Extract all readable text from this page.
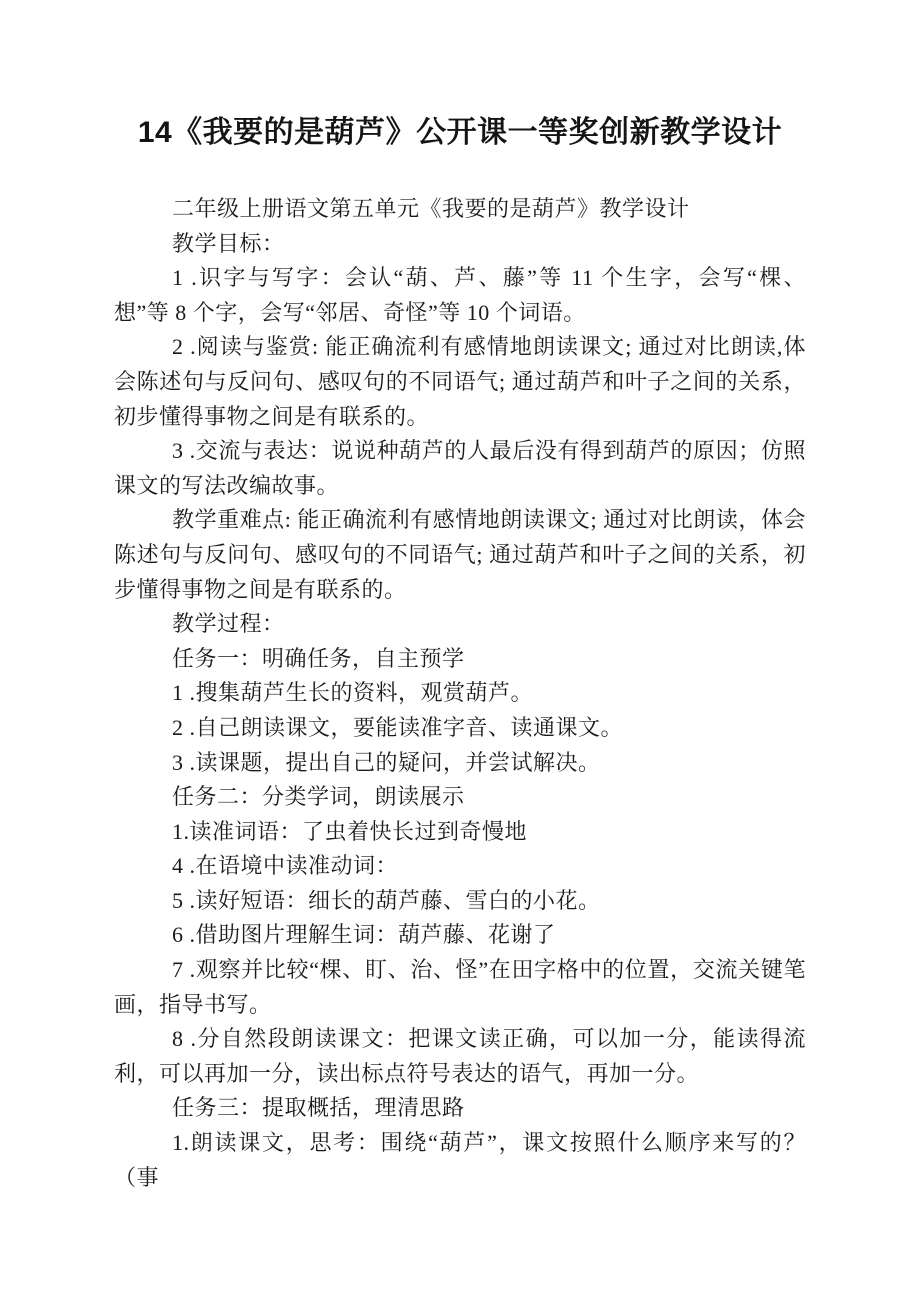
14《我要的是葫芦》公开课一等奖创新教学设计

二年级上册语文第五单元《我要的是葫芦》教学设计

教学目标：

1 .识字与写字：会认“葫、芦、藤”等 11 个生字，会写“棵、想”等 8 个字，会写“邻居、奇怪”等 10 个词语。

2 .阅读与鉴赏: 能正确流利有感情地朗读课文; 通过对比朗读,体会陈述句与反问句、感叹句的不同语气; 通过葫芦和叶子之间的关系，初步懂得事物之间是有联系的。

3 .交流与表达：说说种葫芦的人最后没有得到葫芦的原因；仿照课文的写法改编故事。

教学重难点: 能正确流利有感情地朗读课文; 通过对比朗读，体会陈述句与反问句、感叹句的不同语气; 通过葫芦和叶子之间的关系，初步懂得事物之间是有联系的。

教学过程：

任务一：明确任务，自主预学

1 .搜集葫芦生长的资料，观赏葫芦。

2 .自己朗读课文，要能读准字音、读通课文。

3 .读课题，提出自己的疑问，并尝试解决。

任务二：分类学词，朗读展示

1.读准词语：了虫着快长过到奇慢地

4 .在语境中读准动词：

5 .读好短语：细长的葫芦藤、雪白的小花。

6 .借助图片理解生词：葫芦藤、花谢了

7 .观察并比较“棵、盯、治、怪”在田字格中的位置，交流关键笔画，指导书写。

8 .分自然段朗读课文：把课文读正确，可以加一分，能读得流利，可以再加一分，读出标点符号表达的语气，再加一分。

任务三：提取概括，理清思路

1.朗读课文，思考：围绕“葫芦”，课文按照什么顺序来写的？（事
